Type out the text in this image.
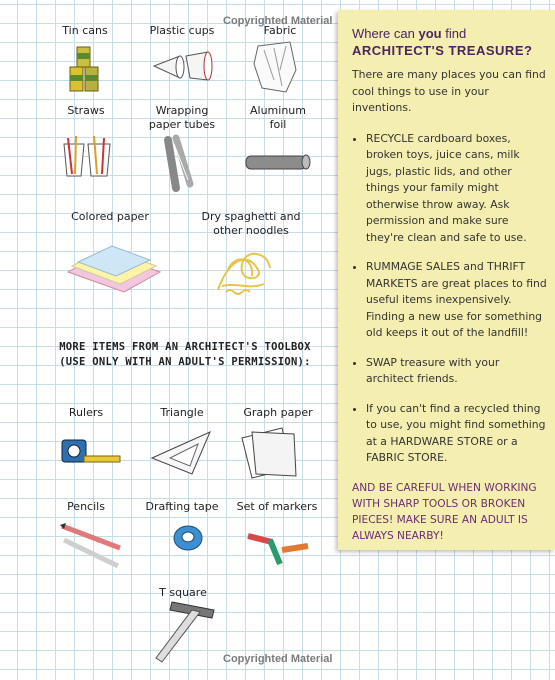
Copyrighted Material
Copyrighted Material
Tin cans	Plastic cups	Fabric
Straws	Wrapping
paper tubes
Aluminum
foil
Colored paper	Dry spaghetti and
other noodles
MORE ITEMS FROM AN ARCHITECT'S TOOLBOX
(USE ONLY WITH AN ADULT'S PERMISSION):
Rulers	Triangle	Graph paper
Pencils	Drafting tape Set of markers
T square
Where can you find
ARCHITECT'S TREASURE?

There are many places you can find cool things to use in your inventions.

• RECYCLE cardboard boxes, broken toys, juice cans, milk jugs, plastic lids, and other things your family might otherwise throw away. Ask permission and make sure they're clean and safe to use.
• RUMMAGE SALES and THRIFT MARKETS are great places to find useful items inexpensively. Finding a new use for something old keeps it out of the landfill!
• SWAP treasure with your architect friends.
• If you can't find a recycled thing to use, you might find something at a HARDWARE STORE or a FABRIC STORE.
AND BE CAREFUL WHEN WORKING WITH SHARP TOOLS OR BROKEN PIECES! MAKE SURE AN ADULT IS ALWAYS NEARBY!
